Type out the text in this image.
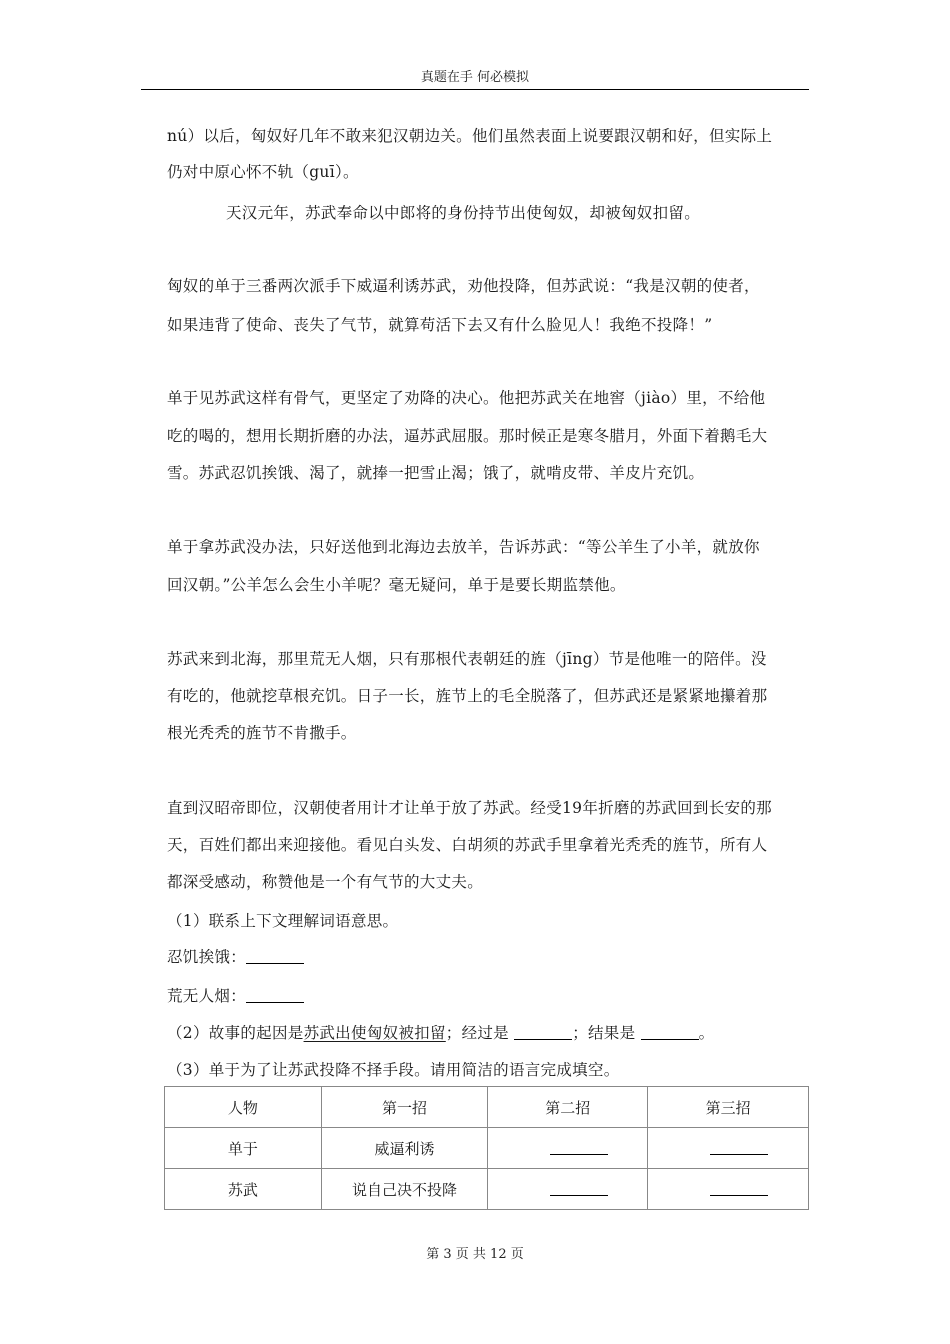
真题在手 何必模拟
nú）以后，匈奴好几年不敢来犯汉朝边关。他们虽然表面上说要跟汉朝和好，但实际上
仍对中原心怀不轨（guī）。
天汉元年，苏武奉命以中郎将的身份持节出使匈奴，却被匈奴扣留。
匈奴的单于三番两次派手下威逼利诱苏武，劝他投降，但苏武说：“我是汉朝的使者，
如果违背了使命、丧失了气节，就算苟活下去又有什么脸见人！我绝不投降！”
单于见苏武这样有骨气，更坚定了劝降的决心。他把苏武关在地窖（jiào）里，不给他
吃的喝的，想用长期折磨的办法，逼苏武屈服。那时候正是寒冬腊月，外面下着鹅毛大
雪。苏武忍饥挨饿、渴了，就捧一把雪止渴；饿了，就啃皮带、羊皮片充饥。
单于拿苏武没办法，只好送他到北海边去放羊，告诉苏武：“等公羊生了小羊，就放你
回汉朝。”公羊怎么会生小羊呢？毫无疑问，单于是要长期监禁他。
苏武来到北海，那里荒无人烟，只有那根代表朝廷的旌（jīng）节是他唯一的陪伴。没
有吃的，他就挖草根充饥。日子一长，旌节上的毛全脱落了，但苏武还是紧紧地攥着那
根光秃秃的旌节不肯撒手。
直到汉昭帝即位，汉朝使者用计才让单于放了苏武。经受19年折磨的苏武回到长安的那
天，百姓们都出来迎接他。看见白头发、白胡须的苏武手里拿着光秃秃的旌节，所有人
都深受感动，称赞他是一个有气节的大丈夫。
（1）联系上下文理解词语意思。
忍饥挨饿：
荒无人烟：
（2）故事的起因是苏武出使匈奴被扣留；经过是	；结果是	。
（3）单于为了让苏武投降不择手段。请用简洁的语言完成填空。
人物	第一招	第二招	第三招
单于	威逼利诱		
苏武	说自己决不投降		
第 3 页 共 12 页
